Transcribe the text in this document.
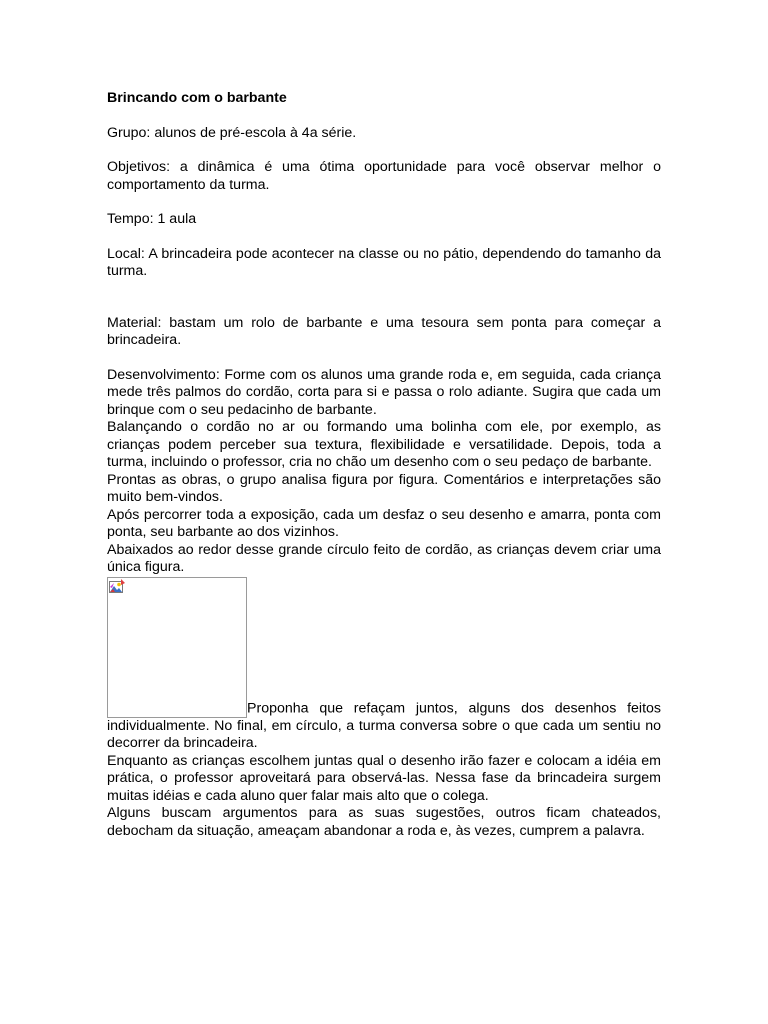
Brincando com o barbante

Grupo: alunos de pré-escola à 4a série.

Objetivos: a dinâmica é uma ótima oportunidade para você observar melhor o comportamento da turma.

Tempo: 1 aula

Local: A brincadeira pode acontecer na classe ou no pátio, dependendo do tamanho da turma.

Material: bastam um rolo de barbante e uma tesoura sem ponta para começar a brincadeira.

Desenvolvimento: Forme com os alunos uma grande roda e, em seguida, cada criança mede três palmos do cordão, corta para si e passa o rolo adiante. Sugira que cada um brinque com o seu pedacinho de barbante.

Balançando o cordão no ar ou formando uma bolinha com ele, por exemplo, as crianças podem perceber sua textura, flexibilidade e versatilidade. Depois, toda a turma, incluindo o professor, cria no chão um desenho com o seu pedaço de barbante.

Prontas as obras, o grupo analisa figura por figura. Comentários e interpretações são muito bem-vindos.

Após percorrer toda a exposição, cada um desfaz o seu desenho e amarra, ponta com ponta, seu barbante ao dos vizinhos.

Abaixados ao redor desse grande círculo feito de cordão, as crianças devem criar uma única figura.

Proponha que refaçam juntos, alguns dos desenhos feitos individualmente. No final, em círculo, a turma conversa sobre o que cada um sentiu no decorrer da brincadeira.

Enquanto as crianças escolhem juntas qual o desenho irão fazer e colocam a idéia em prática, o professor aproveitará para observá-las. Nessa fase da brincadeira surgem muitas idéias e cada aluno quer falar mais alto que o colega.

Alguns buscam argumentos para as suas sugestões, outros ficam chateados, debocham da situação, ameaçam abandonar a roda e, às vezes, cumprem a palavra.
